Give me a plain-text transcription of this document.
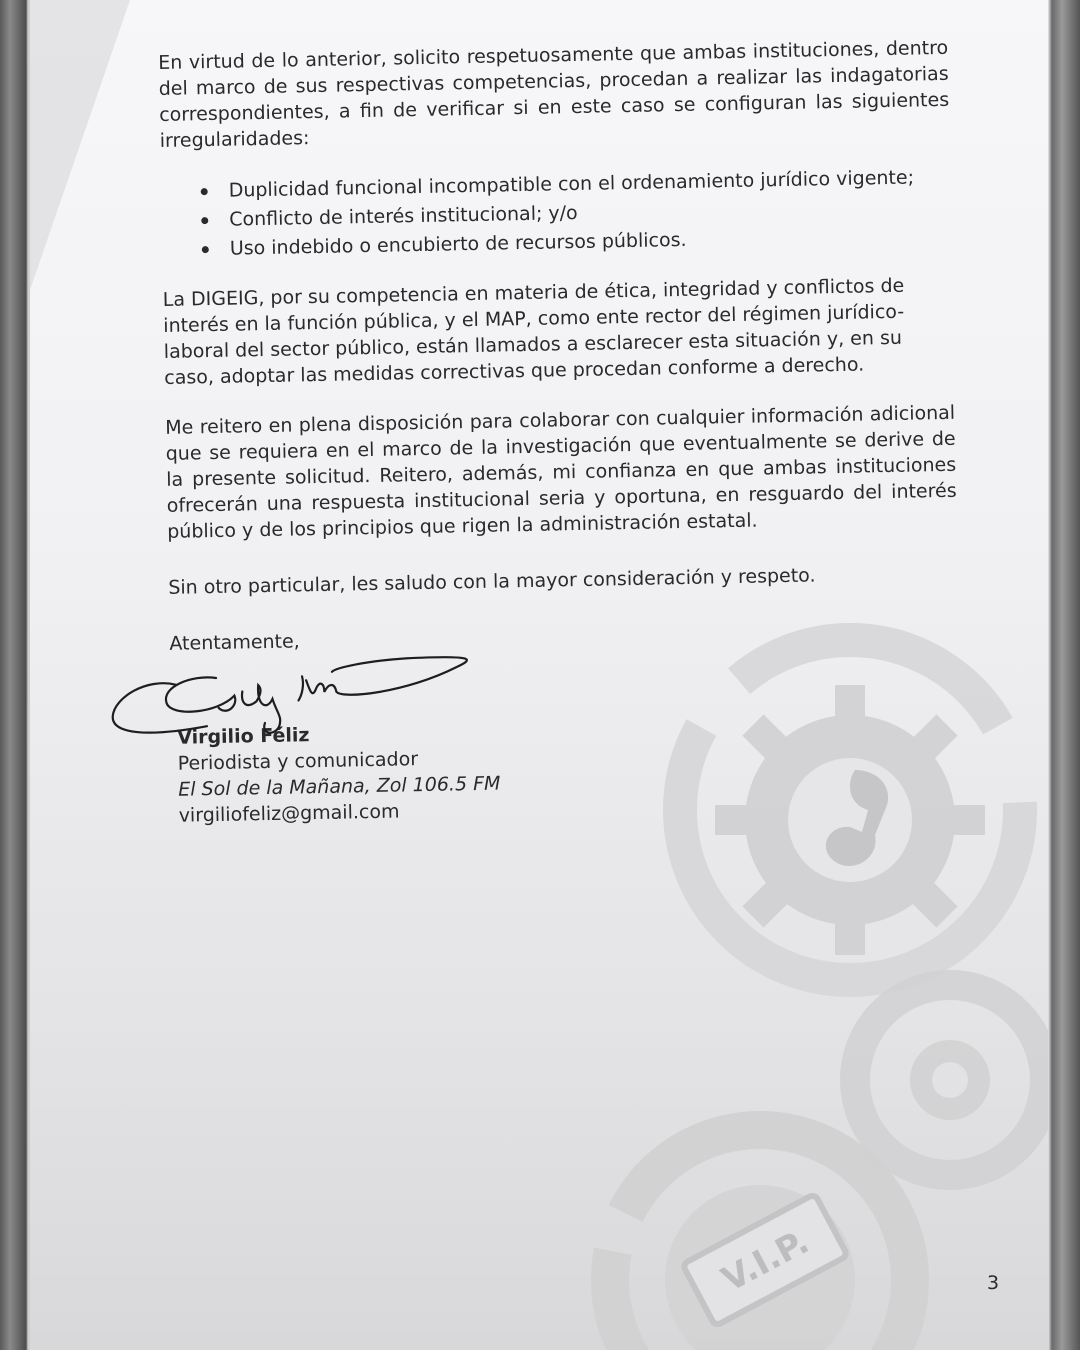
V.I.P.

En virtud de lo anterior, solicito respetuosamente que ambas instituciones, dentro del marco de sus respectivas competencias, procedan a realizar las indagatorias correspondientes, a fin de verificar si en este caso se configuran las siguientes irregularidades:

Duplicidad funcional incompatible con el ordenamiento jurídico vigente;
Conflicto de interés institucional; y/o
Uso indebido o encubierto de recursos públicos.

La DIGEIG, por su competencia en materia de ética, integridad y conflictos de interés en la función pública, y el MAP, como ente rector del régimen jurídico-laboral del sector público, están llamados a esclarecer esta situación y, en su caso, adoptar las medidas correctivas que procedan conforme a derecho.

Me reitero en plena disposición para colaborar con cualquier información adicional que se requiera en el marco de la investigación que eventualmente se derive de la presente solicitud. Reitero, además, mi confianza en que ambas instituciones ofrecerán una respuesta institucional seria y oportuna, en resguardo del interés público y de los principios que rigen la administración estatal.

Sin otro particular, les saludo con la mayor consideración y respeto.

Atentamente,

Virgilio Féliz
Periodista y comunicador
El Sol de la Mañana, Zol 106.5 FM
virgiliofeliz@gmail.com
3
